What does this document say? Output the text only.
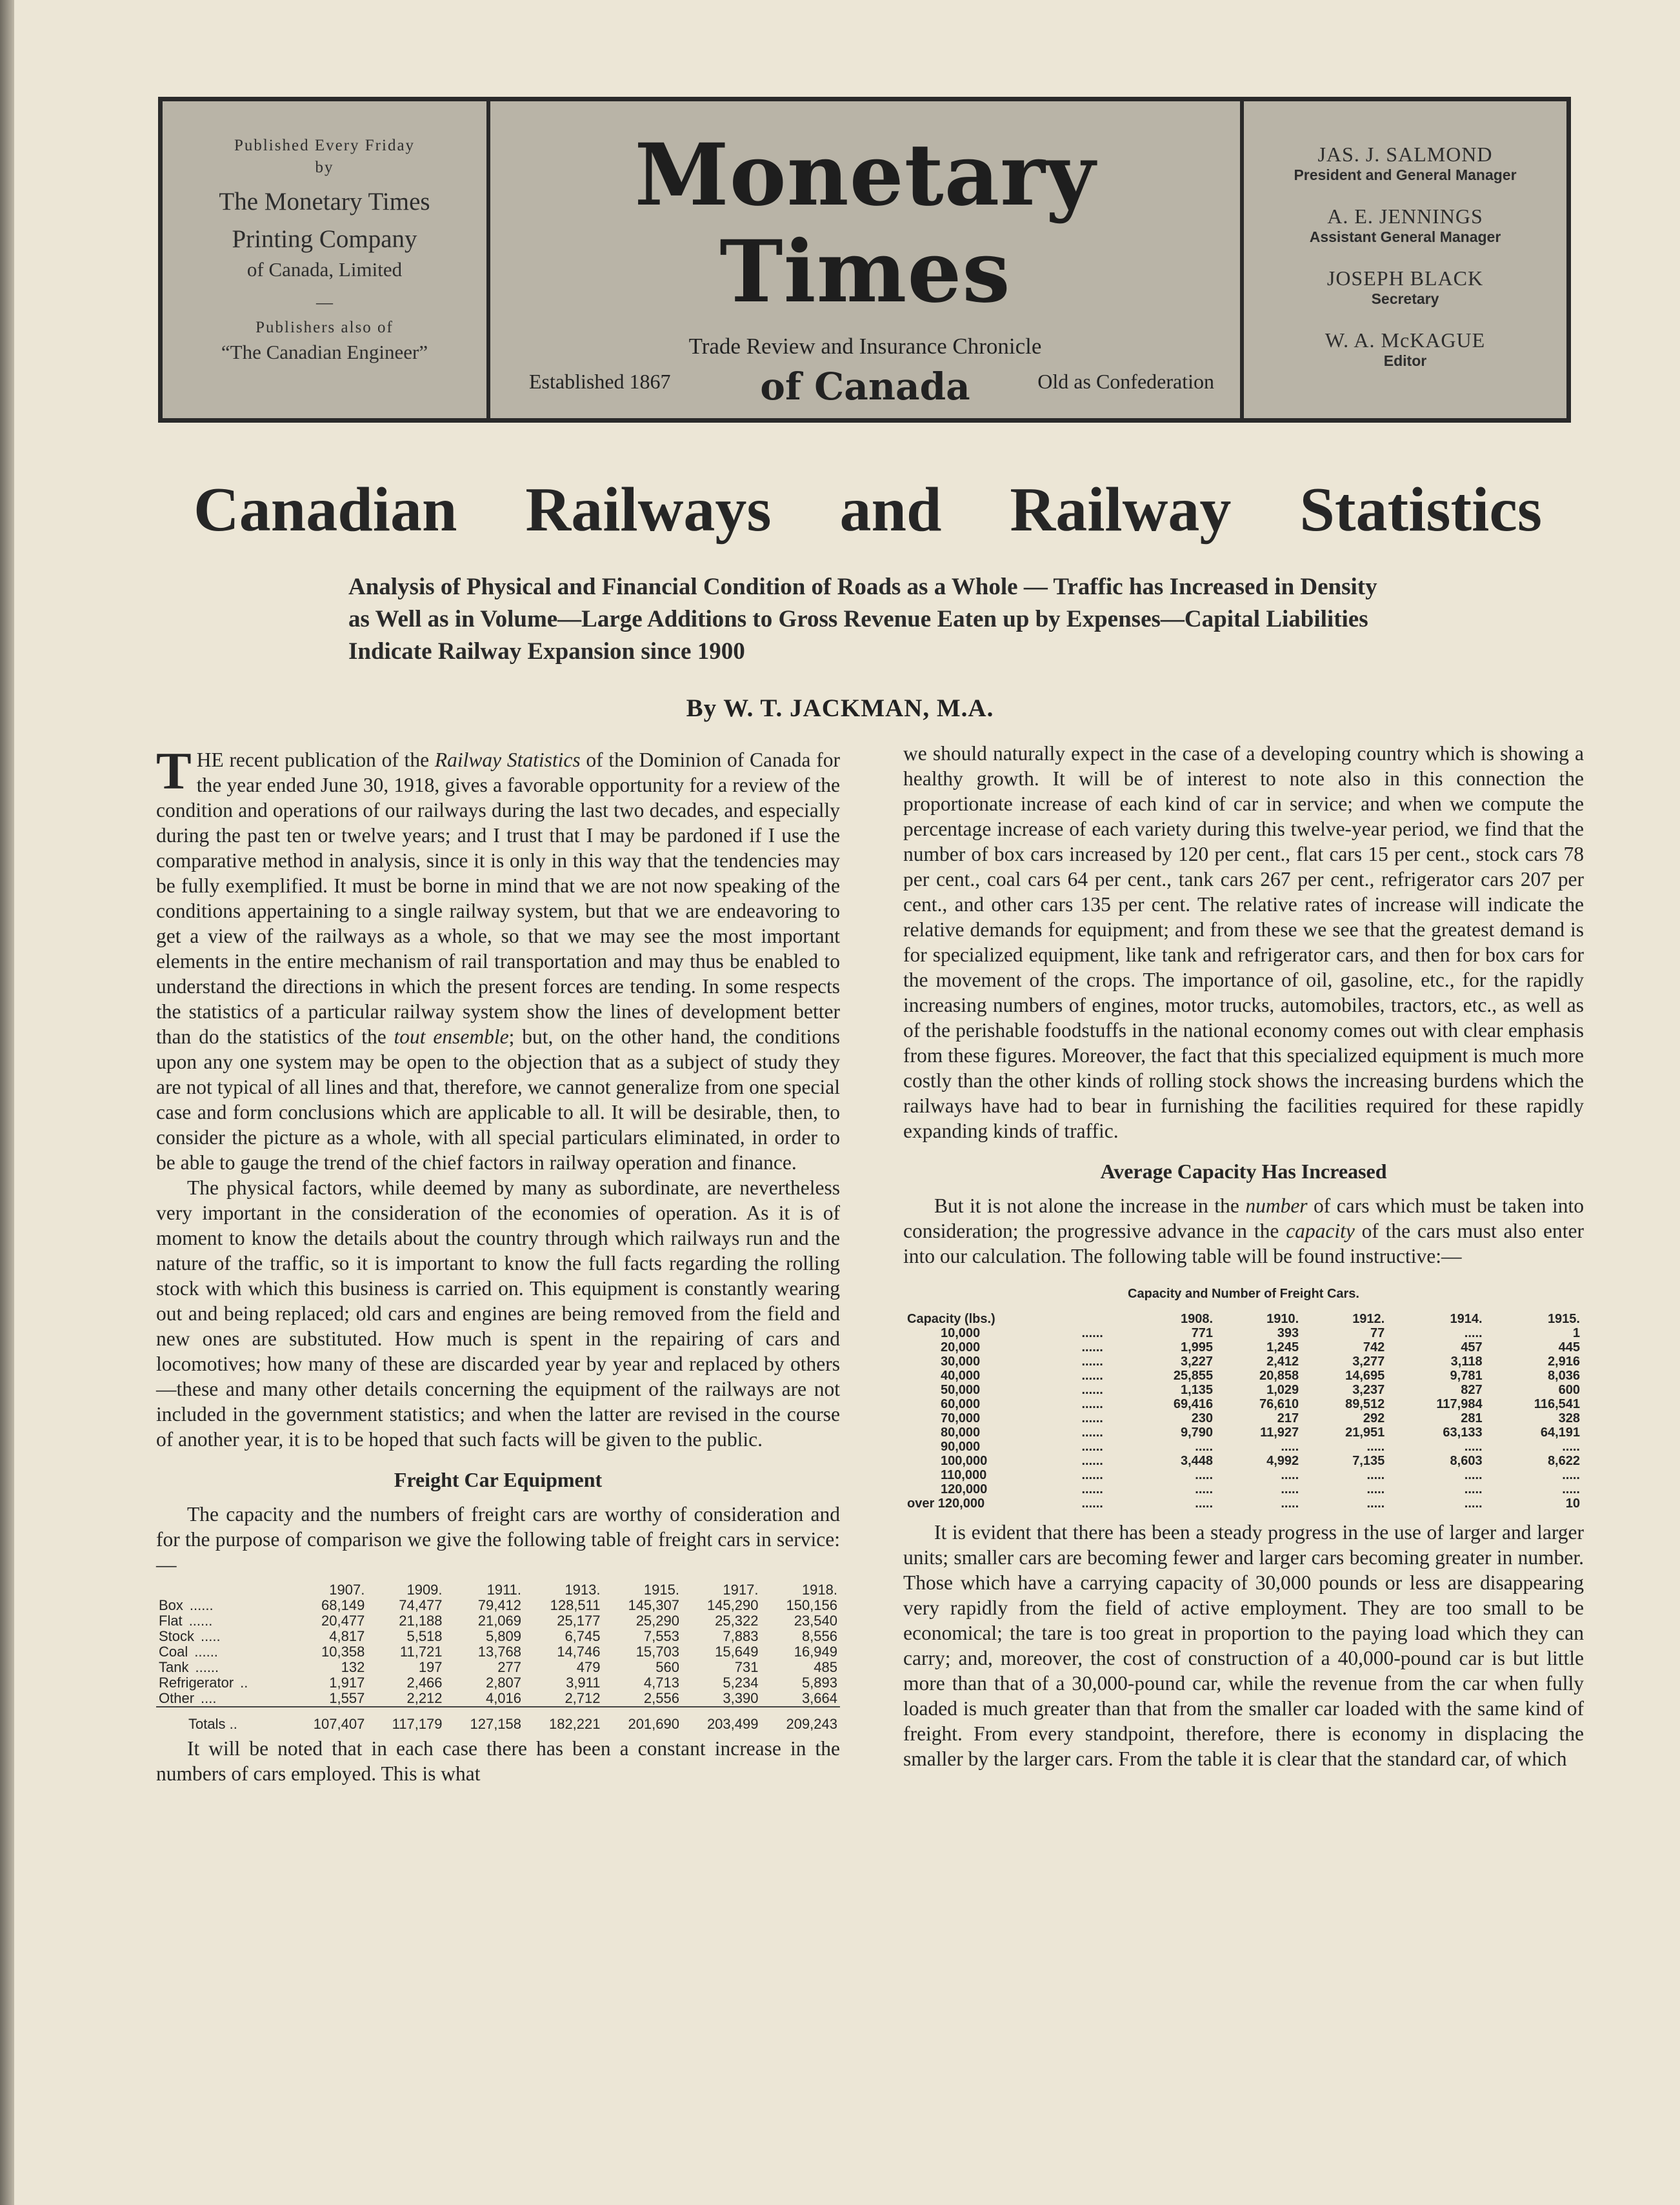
Published Every Friday
by
The Monetary Times
Printing Company
of Canada, Limited
—
Publishers also of
“The Canadian Engineer”
Monetary Times
Trade Review and Insurance Chronicle
of Canada
Established 1867	Old as Confederation
JAS. J. SALMOND
President and General Manager
A. E. JENNINGS
Assistant General Manager
JOSEPH BLACK
Secretary
W. A. McKAGUE
Editor
Canadian Railways and Railway Statistics
Analysis of Physical and Financial Condition of Roads as a Whole — Traffic has Increased in Density as Well as in Volume—Large Additions to Gross Revenue Eaten up by Expenses—Capital Liabilities Indicate Railway Expansion since 1900
By W. T. JACKMAN, M.A.

THE recent publication of the Railway Statistics of the Dominion of Canada for the year ended June 30, 1918, gives a favorable opportunity for a review of the condition and operations of our railways during the last two decades, and especially during the past ten or twelve years; and I trust that I may be pardoned if I use the comparative method in analysis, since it is only in this way that the tendencies may be fully exemplified. It must be borne in mind that we are not now speaking of the conditions appertaining to a single railway system, but that we are endeavoring to get a view of the railways as a whole, so that we may see the most important elements in the entire mechanism of rail transportation and may thus be enabled to understand the directions in which the present forces are tending. In some respects the statistics of a particular railway system show the lines of development better than do the statistics of the tout ensemble; but, on the other hand, the conditions upon any one system may be open to the objection that as a subject of study they are not typical of all lines and that, therefore, we cannot generalize from one special case and form conclusions which are applicable to all. It will be desirable, then, to consider the picture as a whole, with all special particulars eliminated, in order to be able to gauge the trend of the chief factors in railway operation and finance.

The physical factors, while deemed by many as subordinate, are nevertheless very important in the consideration of the economies of operation. As it is of moment to know the details about the country through which railways run and the nature of the traffic, so it is important to know the full facts regarding the rolling stock with which this business is carried on. This equipment is constantly wearing out and being replaced; old cars and engines are being removed from the field and new ones are substituted. How much is spent in the repairing of cars and locomotives; how many of these are discarded year by year and replaced by others—these and many other details concerning the equipment of the railways are not included in the government statistics; and when the latter are revised in the course of another year, it is to be hoped that such facts will be given to the public.

Freight Car Equipment

The capacity and the numbers of freight cars are worthy of consideration and for the purpose of comparison we give the following table of freight cars in service:—

	1907.	1909.	1911.	1913.	1915.	1917.	1918.
Box ......	68,149	74,477	79,412	128,511	145,307	145,290	150,156
Flat ......	20,477	21,188	21,069	25,177	25,290	25,322	23,540
Stock .....	4,817	5,518	5,809	6,745	7,553	7,883	8,556
Coal ......	10,358	11,721	13,768	14,746	15,703	15,649	16,949
Tank ......	132	197	277	479	560	731	485
Refrigerator ..	1,917	2,466	2,807	3,911	4,713	5,234	5,893
Other ....	1,557	2,212	4,016	2,712	2,556	3,390	3,664
Totals ..	107,407	117,179	127,158	182,221	201,690	203,499	209,243

It will be noted that in each case there has been a constant increase in the numbers of cars employed. This is what

we should naturally expect in the case of a developing country which is showing a healthy growth. It will be of interest to note also in this connection the proportionate increase of each kind of car in service; and when we compute the percentage increase of each variety during this twelve-year period, we find that the number of box cars increased by 120 per cent., flat cars 15 per cent., stock cars 78 per cent., coal cars 64 per cent., tank cars 267 per cent., refrigerator cars 207 per cent., and other cars 135 per cent. The relative rates of increase will indicate the relative demands for equipment; and from these we see that the greatest demand is for specialized equipment, like tank and refrigerator cars, and then for box cars for the movement of the crops. The importance of oil, gasoline, etc., for the rapidly increasing numbers of engines, motor trucks, automobiles, tractors, etc., as well as of the perishable foodstuffs in the national economy comes out with clear emphasis from these figures. Moreover, the fact that this specialized equipment is much more costly than the other kinds of rolling stock shows the increasing burdens which the railways have had to bear in furnishing the facilities required for these rapidly expanding kinds of traffic.

Average Capacity Has Increased

But it is not alone the increase in the number of cars which must be taken into consideration; the progressive advance in the capacity of the cars must also enter into our calculation. The following table will be found instructive:—

Capacity and Number of Freight Cars.
Capacity (lbs.)		1908.	1910.	1912.	1914.	1915.
10,000	......	771	393	77	.....	1
20,000	......	1,995	1,245	742	457	445
30,000	......	3,227	2,412	3,277	3,118	2,916
40,000	......	25,855	20,858	14,695	9,781	8,036
50,000	......	1,135	1,029	3,237	827	600
60,000	......	69,416	76,610	89,512	117,984	116,541
70,000	......	230	217	292	281	328
80,000	......	9,790	11,927	21,951	63,133	64,191
90,000	......	.....	.....	.....	.....	.....
100,000	......	3,448	4,992	7,135	8,603	8,622
110,000	......	.....	.....	.....	.....	.....
120,000	......	.....	.....	.....	.....	.....
over 120,000	......	.....	.....	.....	.....	10

It is evident that there has been a steady progress in the use of larger and larger units; smaller cars are becoming fewer and larger cars becoming greater in number. Those which have a carrying capacity of 30,000 pounds or less are disappearing very rapidly from the field of active employment. They are too small to be economical; the tare is too great in proportion to the paying load which they can carry; and, moreover, the cost of construction of a 40,000-pound car is but little more than that of a 30,000-pound car, while the revenue from the car when fully loaded is much greater than that from the smaller car loaded with the same kind of freight. From every standpoint, therefore, there is economy in displacing the smaller by the larger cars. From the table it is clear that the standard car, of which
